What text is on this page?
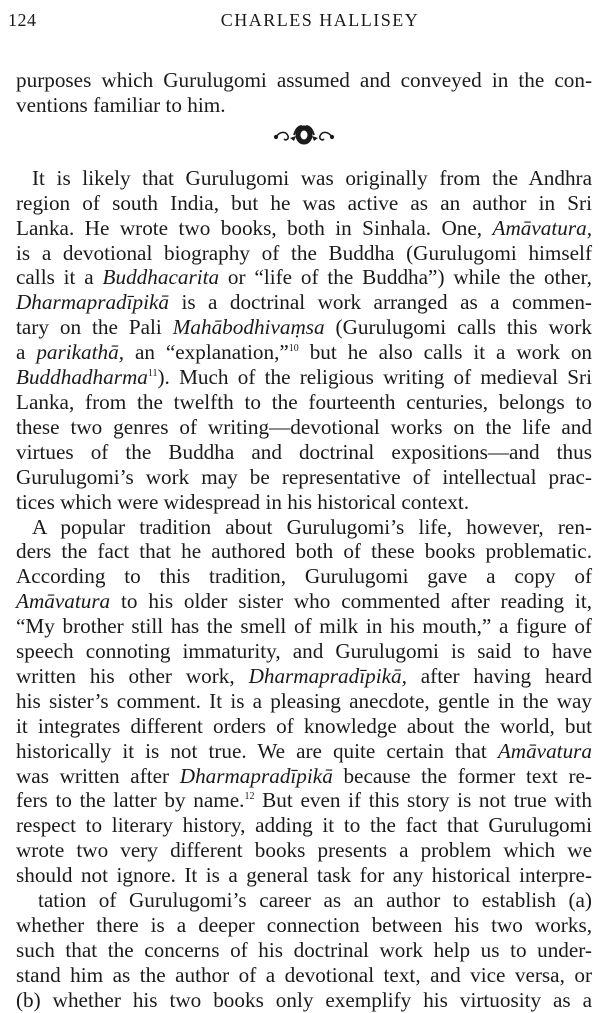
124	CHARLES HALLISEY
purposes which Gurulugomi assumed and conveyed in the con-
ventions familiar to him.
It is likely that Gurulugomi was originally from the Andhra
region of south India, but he was active as an author in Sri
Lanka. He wrote two books, both in Sinhala. One, Amāvatura,
is a devotional biography of the Buddha (Gurulugomi himself
calls it a Buddhacarita or “life of the Buddha”) while the other,
Dharmapradīpikā is a doctrinal work arranged as a commen-
tary on the Pali Mahābodhivaṃsa (Gurulugomi calls this work
a parikathā, an “explanation,”$^{10}$ but he also calls it a work on
Buddhadharma$^{11}$). Much of the religious writing of medieval Sri
Lanka, from the twelfth to the fourteenth centuries, belongs to
these two genres of writing—devotional works on the life and
virtues of the Buddha and doctrinal expositions—and thus
Gurulugomi’s work may be representative of intellectual prac-
tices which were widespread in his historical context.
A popular tradition about Gurulugomi’s life, however, ren-
ders the fact that he authored both of these books problematic.
According to this tradition, Gurulugomi gave a copy of
Amāvatura to his older sister who commented after reading it,
“My brother still has the smell of milk in his mouth,” a figure of
speech connoting immaturity, and Gurulugomi is said to have
written his other work, Dharmapradīpikā, after having heard
his sister’s comment. It is a pleasing anecdote, gentle in the way
it integrates different orders of knowledge about the world, but
historically it is not true. We are quite certain that Amāvatura
was written after Dharmapradīpikā because the former text re-
fers to the latter by name.$^{12}$ But even if this story is not true with
respect to literary history, adding it to the fact that Gurulugomi
wrote two very different books presents a problem which we
should not ignore. It is a general task for any historical interpre-
tation of Gurulugomi’s career as an author to establish (a)
whether there is a deeper connection between his two works,
such that the concerns of his doctrinal work help us to under-
stand him as the author of a devotional text, and vice versa, or
(b) whether his two books only exemplify his virtuosity as a
